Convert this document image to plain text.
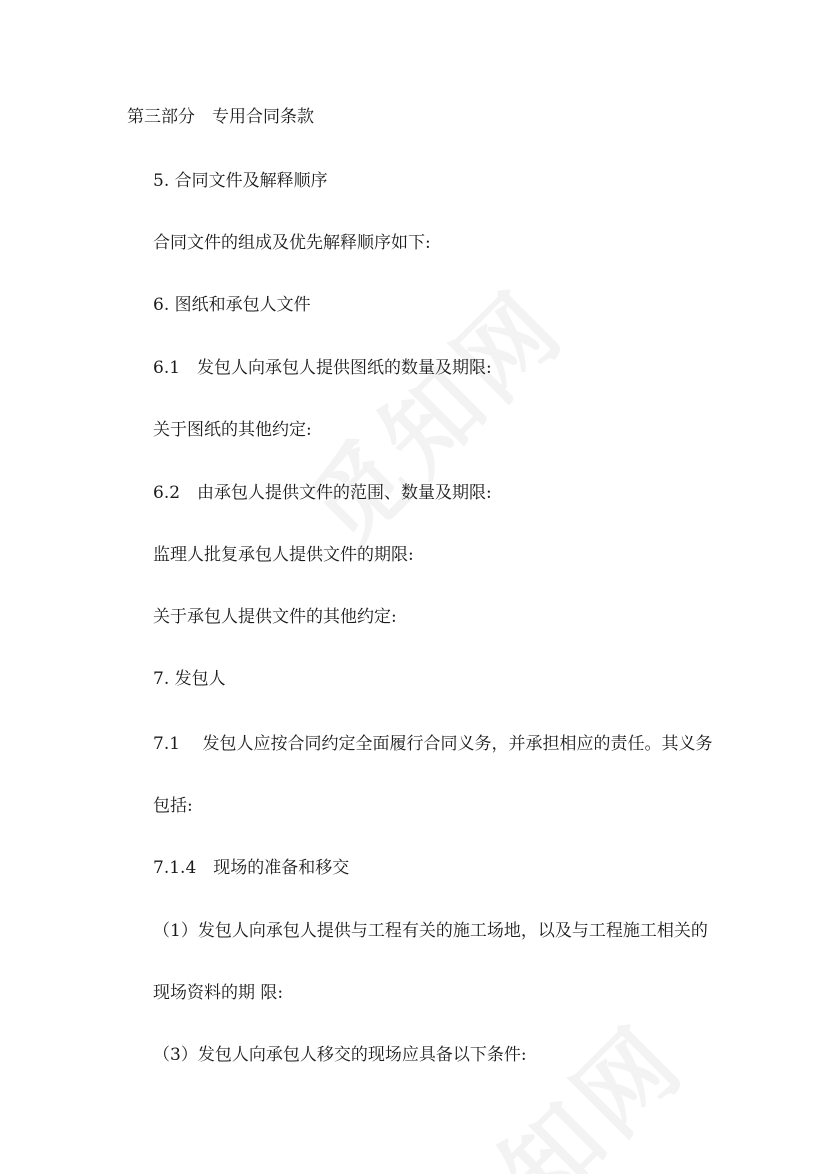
第三部分　专用合同条款
5. 合同文件及解释顺序
合同文件的组成及优先解释顺序如下:
6. 图纸和承包人文件
6.1　发包人向承包人提供图纸的数量及期限:
关于图纸的其他约定:
6.2　由承包人提供文件的范围、数量及期限:
监理人批复承包人提供文件的期限:
关于承包人提供文件的其他约定:
7. 发包人
7.1　 发包人应按合同约定全面履行合同义务，并承担相应的责任。其义务
包括:
7.1.4　现场的准备和移交
（1）发包人向承包人提供与工程有关的施工场地，以及与工程施工相关的
现场资料的期 限:
（3）发包人向承包人移交的现场应具备以下条件:
